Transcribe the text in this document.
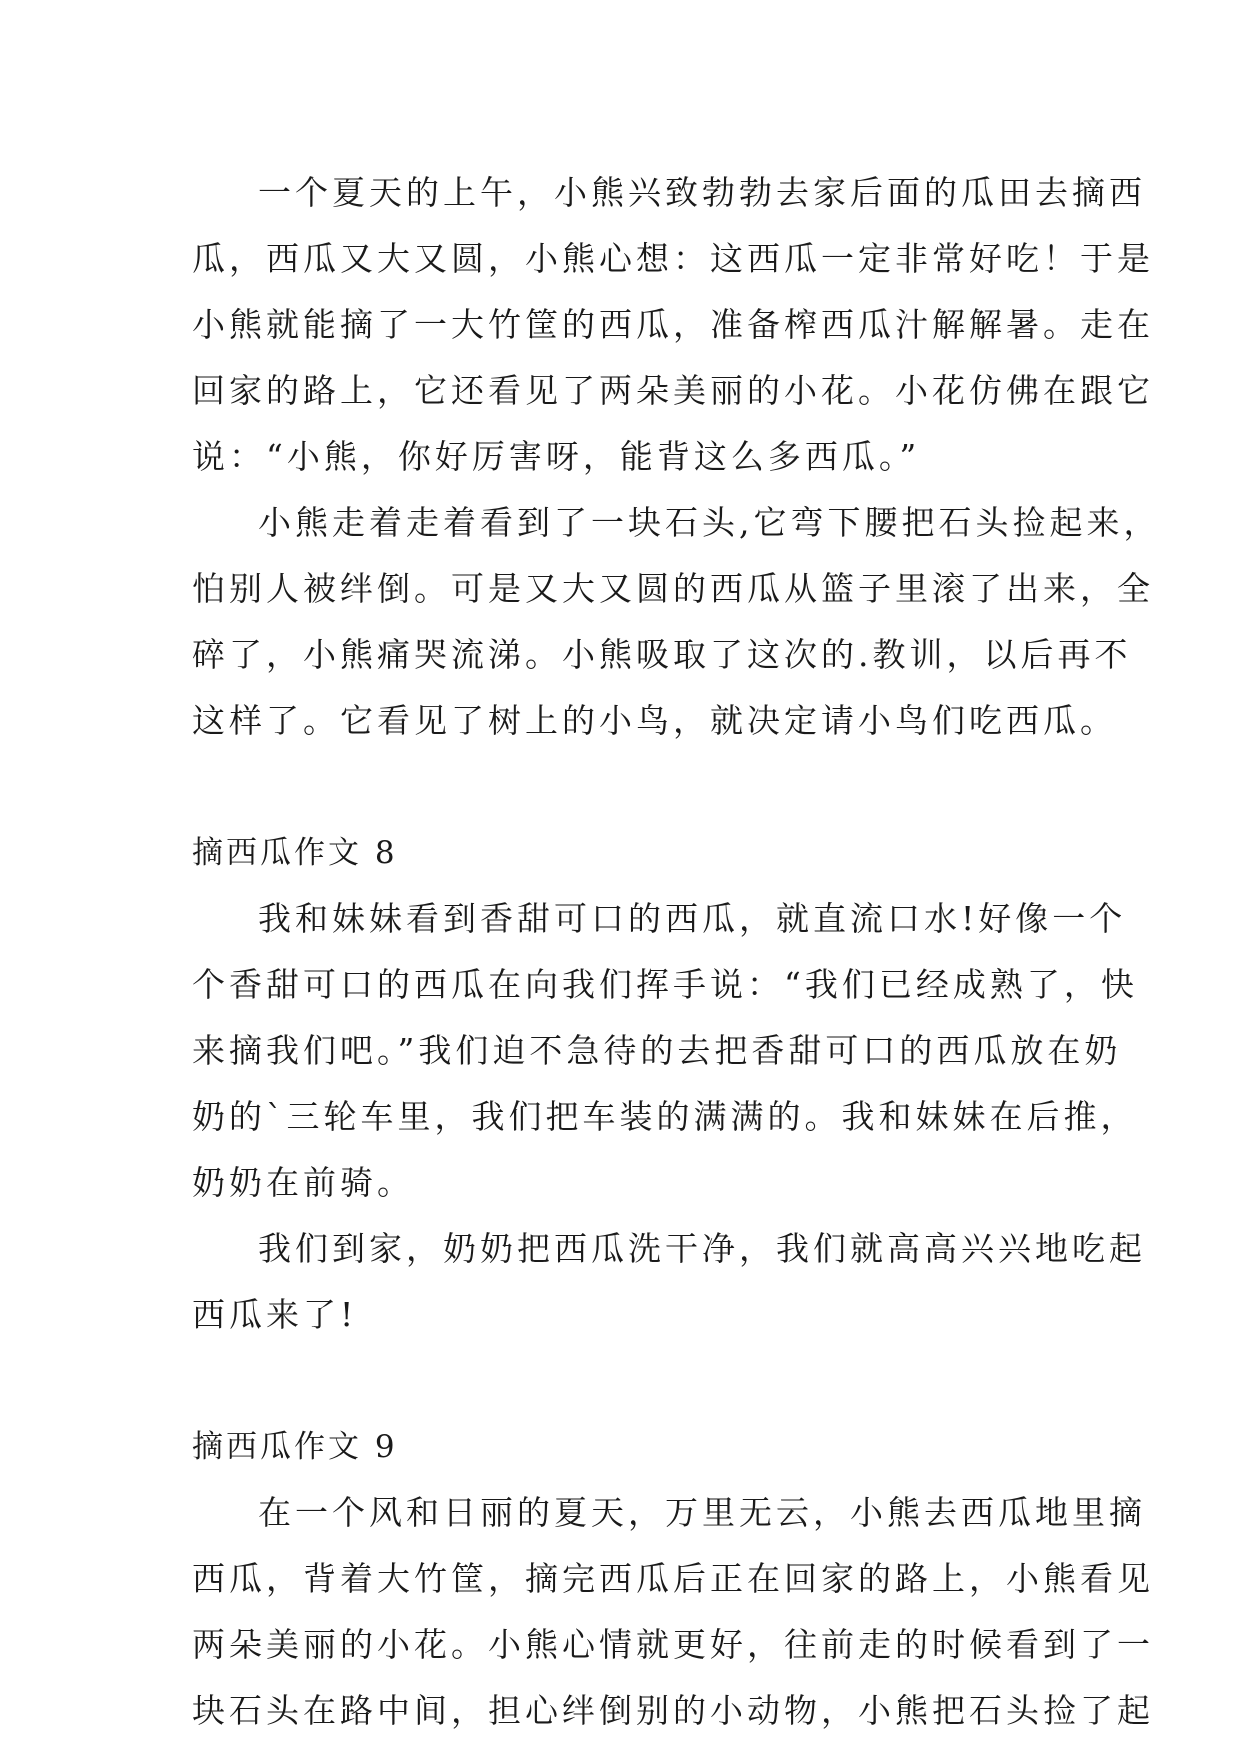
一个夏天的上午，小熊兴致勃勃去家后面的瓜田去摘西
瓜，西瓜又大又圆，小熊心想：这西瓜一定非常好吃！于是
小熊就能摘了一大竹筐的西瓜，准备榨西瓜汁解解暑。走在
回家的路上，它还看见了两朵美丽的小花。小花仿佛在跟它
说：“小熊，你好厉害呀，能背这么多西瓜。”
小熊走着走着看到了一块石头,它弯下腰把石头捡起来，
怕别人被绊倒。可是又大又圆的西瓜从篮子里滚了出来，全
碎了，小熊痛哭流涕。小熊吸取了这次的.教训，以后再不
这样了。它看见了树上的小鸟，就决定请小鸟们吃西瓜。
摘西瓜作文 8
我和妹妹看到香甜可口的西瓜，就直流口水!好像一个
个香甜可口的西瓜在向我们挥手说：“我们已经成熟了，快
来摘我们吧。”我们迫不急待的去把香甜可口的西瓜放在奶
奶的`三轮车里，我们把车装的满满的。我和妹妹在后推，
奶奶在前骑。
我们到家，奶奶把西瓜洗干净，我们就高高兴兴地吃起
西瓜来了!
摘西瓜作文 9
在一个风和日丽的夏天，万里无云，小熊去西瓜地里摘
西瓜，背着大竹筐，摘完西瓜后正在回家的路上，小熊看见
两朵美丽的小花。小熊心情就更好，往前走的时候看到了一
块石头在路中间，担心绊倒别的小动物，小熊把石头捡了起
